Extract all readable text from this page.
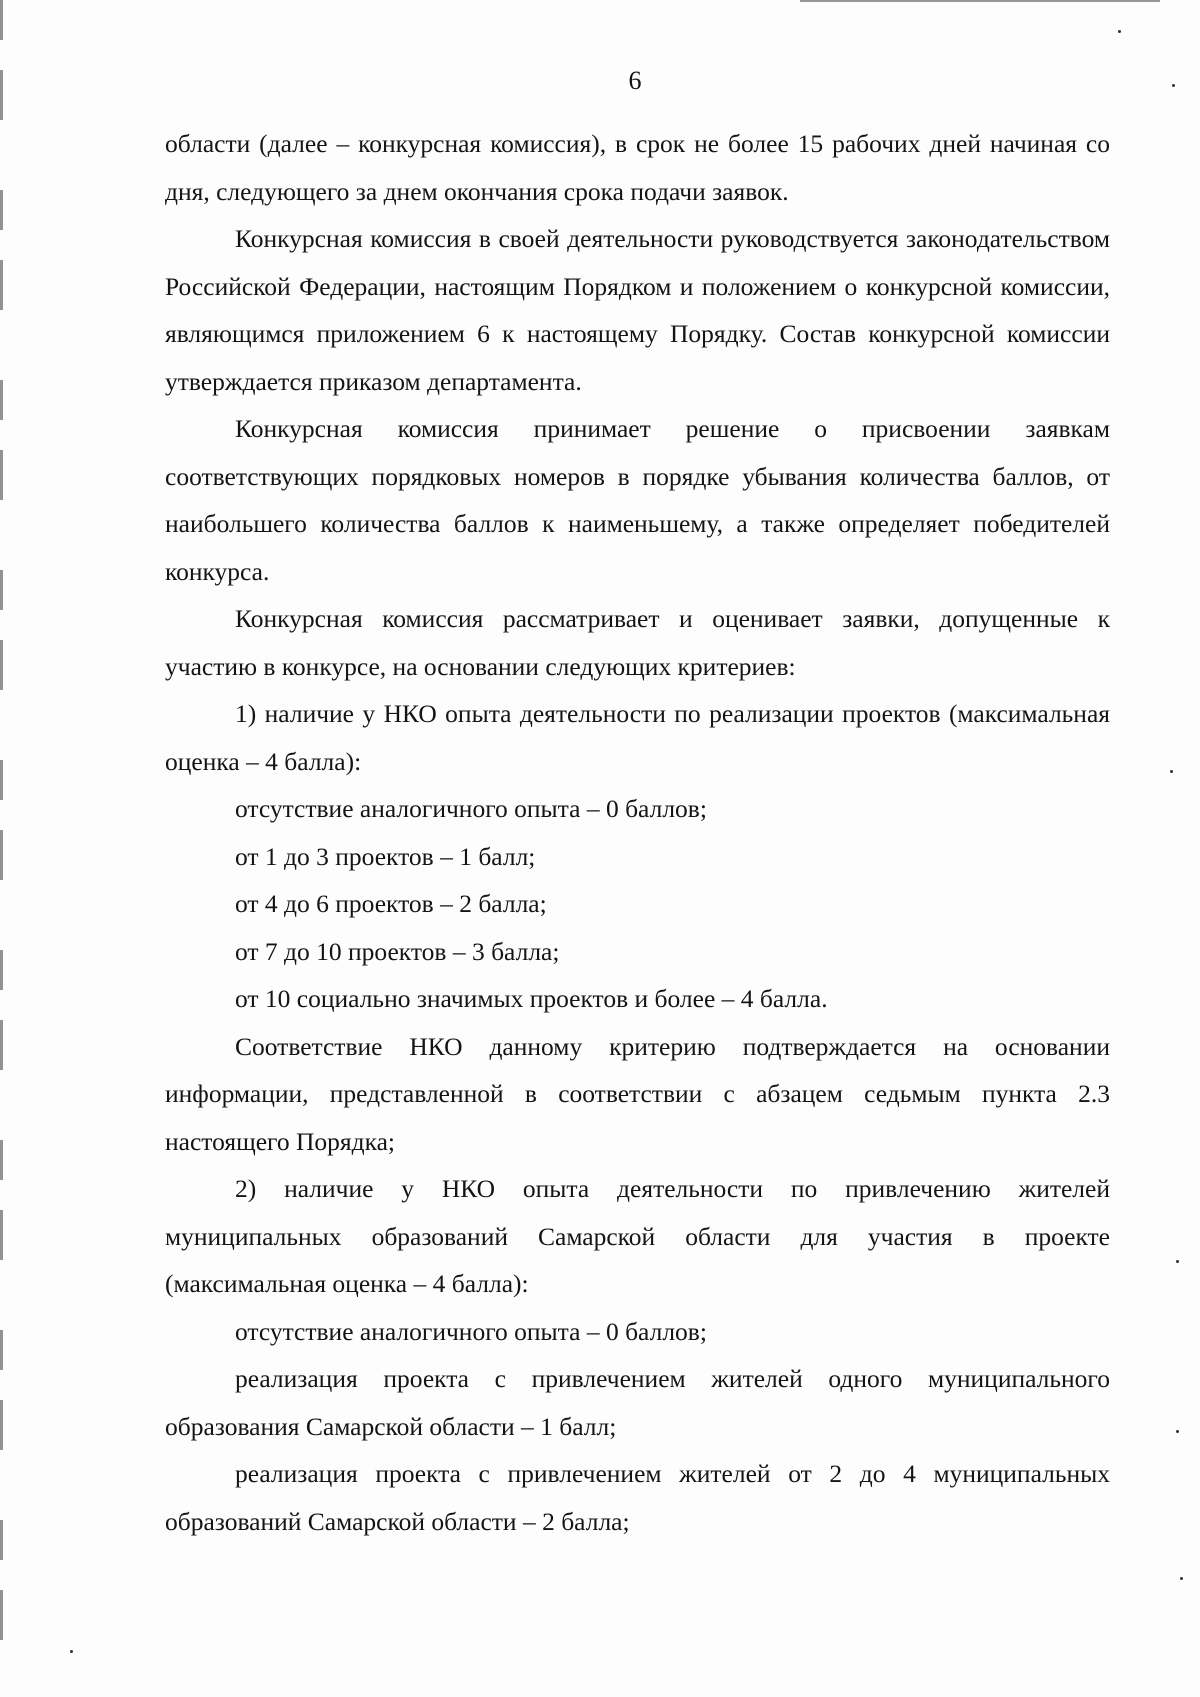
6

области (далее – конкурсная комиссия), в срок не более 15 рабочих дней начиная со дня, следующего за днем окончания срока подачи заявок.

Конкурсная комиссия в своей деятельности руководствуется законодательством Российской Федерации, настоящим Порядком и положением о конкурсной комиссии, являющимся приложением 6 к настоящему Порядку. Состав конкурсной комиссии утверждается приказом департамента.

Конкурсная комиссия принимает решение о присвоении заявкам соответствующих порядковых номеров в порядке убывания количества баллов, от наибольшего количества баллов к наименьшему, а также определяет победителей конкурса.

Конкурсная комиссия рассматривает и оценивает заявки, допущенные к участию в конкурсе, на основании следующих критериев:

1) наличие у НКО опыта деятельности по реализации проектов (максимальная оценка – 4 балла):

отсутствие аналогичного опыта – 0 баллов;

от 1 до 3 проектов – 1 балл;

от 4 до 6 проектов – 2 балла;

от 7 до 10 проектов – 3 балла;

от 10 социально значимых проектов и более – 4 балла.

Соответствие НКО данному критерию подтверждается на основании информации, представленной в соответствии с абзацем седьмым пункта 2.3 настоящего Порядка;

2) наличие у НКО опыта деятельности по привлечению жителей муниципальных образований Самарской области для участия в проекте (максимальная оценка – 4 балла):

отсутствие аналогичного опыта – 0 баллов;

реализация проекта с привлечением жителей одного муниципального образования Самарской области – 1 балл;

реализация проекта с привлечением жителей от 2 до 4 муниципальных образований Самарской области – 2 балла;
